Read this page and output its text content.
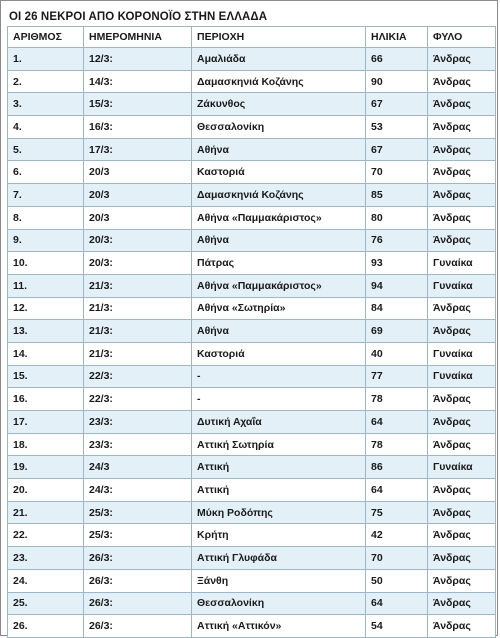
ΟΙ 26 ΝΕΚΡΟΙ ΑΠΟ ΚΟΡΟΝΟΪΟ ΣΤΗΝ ΕΛΛΑΔΑ
ΑΡΙΘΜΟΣ	ΗΜΕΡΟΜΗΝΙΑ	ΠΕΡΙΟΧΗ	ΗΛΙΚΙΑ	ΦΥΛΟ
1.	12/3:	Αμαλιάδα	66	Άνδρας
2.	14/3:	Δαμασκηνιά Κοζάνης	90	Άνδρας
3.	15/3:	Ζάκυνθος	67	Άνδρας
4.	16/3:	Θεσσαλονίκη	53	Άνδρας
5.	17/3:	Αθήνα	67	Άνδρας
6.	20/3	Καστοριά	70	Άνδρας
7.	20/3	Δαμασκηνιά Κοζάνης	85	Άνδρας
8.	20/3	Αθήνα «Παμμακάριστος»	80	Άνδρας
9.	20/3:	Αθήνα	76	Άνδρας
10.	20/3:	Πάτρας	93	Γυναίκα
11.	21/3:	Αθήνα «Παμμακάριστος»	94	Γυναίκα
12.	21/3:	Αθήνα «Σωτηρία»	84	Άνδρας
13.	21/3:	Αθήνα	69	Άνδρας
14.	21/3:	Καστοριά	40	Γυναίκα
15.	22/3:	-	77	Γυναίκα
16.	22/3:	-	78	Άνδρας
17.	23/3:	Δυτική Αχαΐα	64	Άνδρας
18.	23/3:	Αττική Σωτηρία	78	Άνδρας
19.	24/3	Αττική	86	Γυναίκα
20.	24/3:	Αττική	64	Άνδρας
21.	25/3:	Μύκη Ροδόπης	75	Άνδρας
22.	25/3:	Κρήτη	42	Άνδρας
23.	26/3:	Αττική Γλυφάδα	70	Άνδρας
24.	26/3:	Ξάνθη	50	Άνδρας
25.	26/3:	Θεσσαλονίκη	64	Άνδρας
26.	26/3:	Αττική «Αττικόν»	54	Άνδρας
